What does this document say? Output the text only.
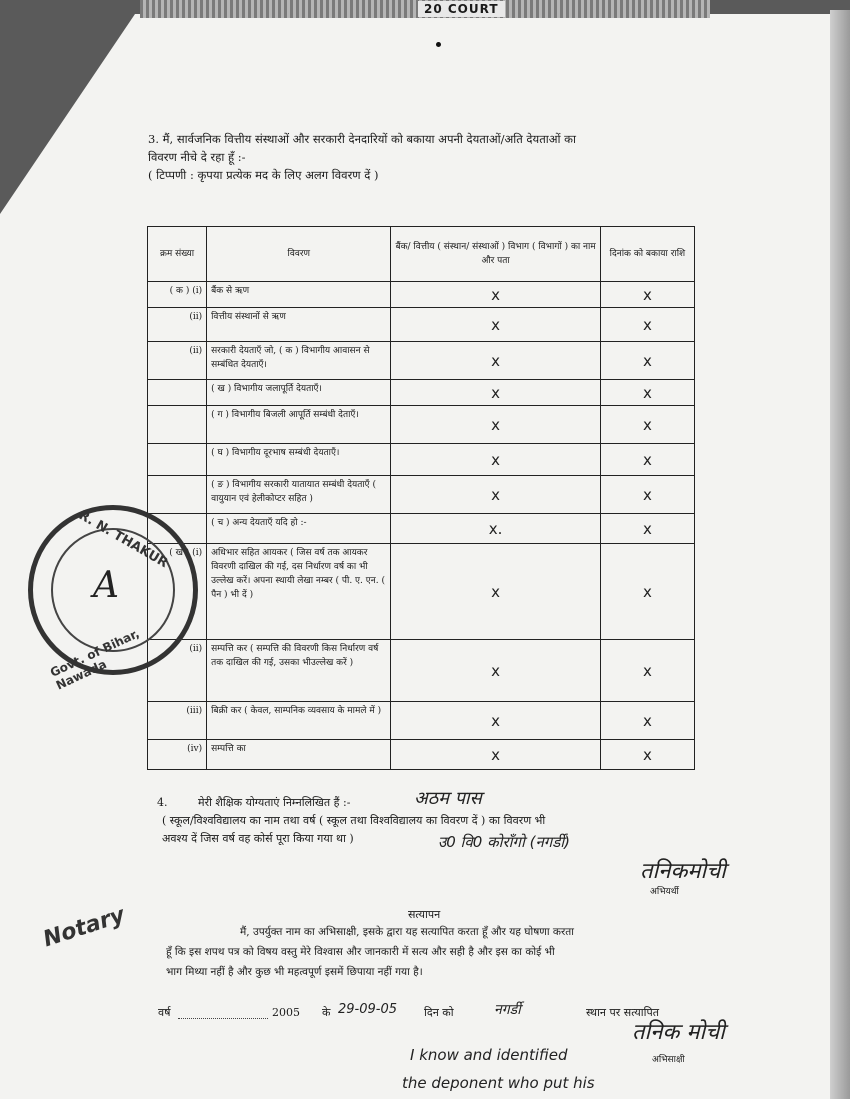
20 COURT
3. मैं, सार्वजनिक वित्तीय संस्थाओं और सरकारी देनदारियों को बकाया अपनी देयताओं/अति देयताओं का
विवरण नीचे दे रहा हूँ :-
( टिप्पणी : कृपया प्रत्येक मद के लिए अलग विवरण दें )
क्रम संख्या	विवरण	बैंक/ वित्तीय ( संस्थान/ संस्थाओं ) विभाग ( विभागों ) का नाम और पता	दिनांक को बकाया राशि
( क ) (i)	बैंक से ऋण	x	x
(ii)	वित्तीय संस्थानों से ऋण	x	x
(ii)	सरकारी देयताएँ जो, ( क ) विभागीय आवासन से सम्बंधित देयताएँ।	x	x
	( ख ) विभागीय जलापूर्ति देयताएँ।	x	x
	( ग ) विभागीय बिजली आपूर्ति सम्बंधी देताएँ।	x	x
	( घ ) विभागीय दूरभाष सम्बंधी देयताएँ।	x	x
	( ङ ) विभागीय सरकारी यातायात सम्बंधी देयताएँ ( वायुयान एवं हेलीकोप्टर सहित )	x	x
	( च ) अन्य देयताएँ यदि हो :-	x.	x
( ख ) (i)	अधिभार सहित आयकर ( जिस वर्ष तक आयकर विवरणी दाखिल की गई, दस निर्धारण वर्ष का भी उल्लेख करें। अपना स्थायी लेखा नम्बर ( पी. ए. एन. ( पैन ) भी दें )	x	x
(ii)	सम्पत्ति कर ( सम्पत्ति की विवरणी किस निर्धारण वर्ष तक दाखिल की गई, उसका भीउल्लेख करें )	x	x
(iii)	बिक्री कर ( केवल, साम्पनिक व्यवसाय के मामले में )	x	x
(iv)	सम्पत्ति का	x	x
4.	मेरी शैक्षिक योग्यताएं निम्नलिखित हैं :-	अठम पास
( स्कूल/विश्वविद्यालय का नाम तथा वर्ष ( स्कूल तथा विश्वविद्यालय का विवरण दें ) का विवरण भी
अवश्य दें जिस वर्ष वह कोर्स पूरा किया गया था )	उ0 वि0 कोराँगो (नगर्डी)
तनिकमोची
अभियर्थी
सत्यापन
मैं, उपर्युक्त नाम का अभिसाक्षी, इसके द्वारा यह सत्यापित करता हूँ और यह घोषणा करता
हूँ कि इस शपथ पत्र को विषय वस्तु मेरे विश्वास और जानकारी में सत्य और सही है और इस का कोई भी
भाग मिथ्या नहीं है और कुछ भी महत्वपूर्ण इसमें छिपाया नहीं गया है।
वर्ष	2005 के 29-09-05 दिन को	नगर्डी	स्थान पर सत्यापित
तनिक मोची
अभिसाक्षी
I know and identified
the deponent who put his
R. N. THAKUR
Govt. of Bihar, Nawada
A
Notary
